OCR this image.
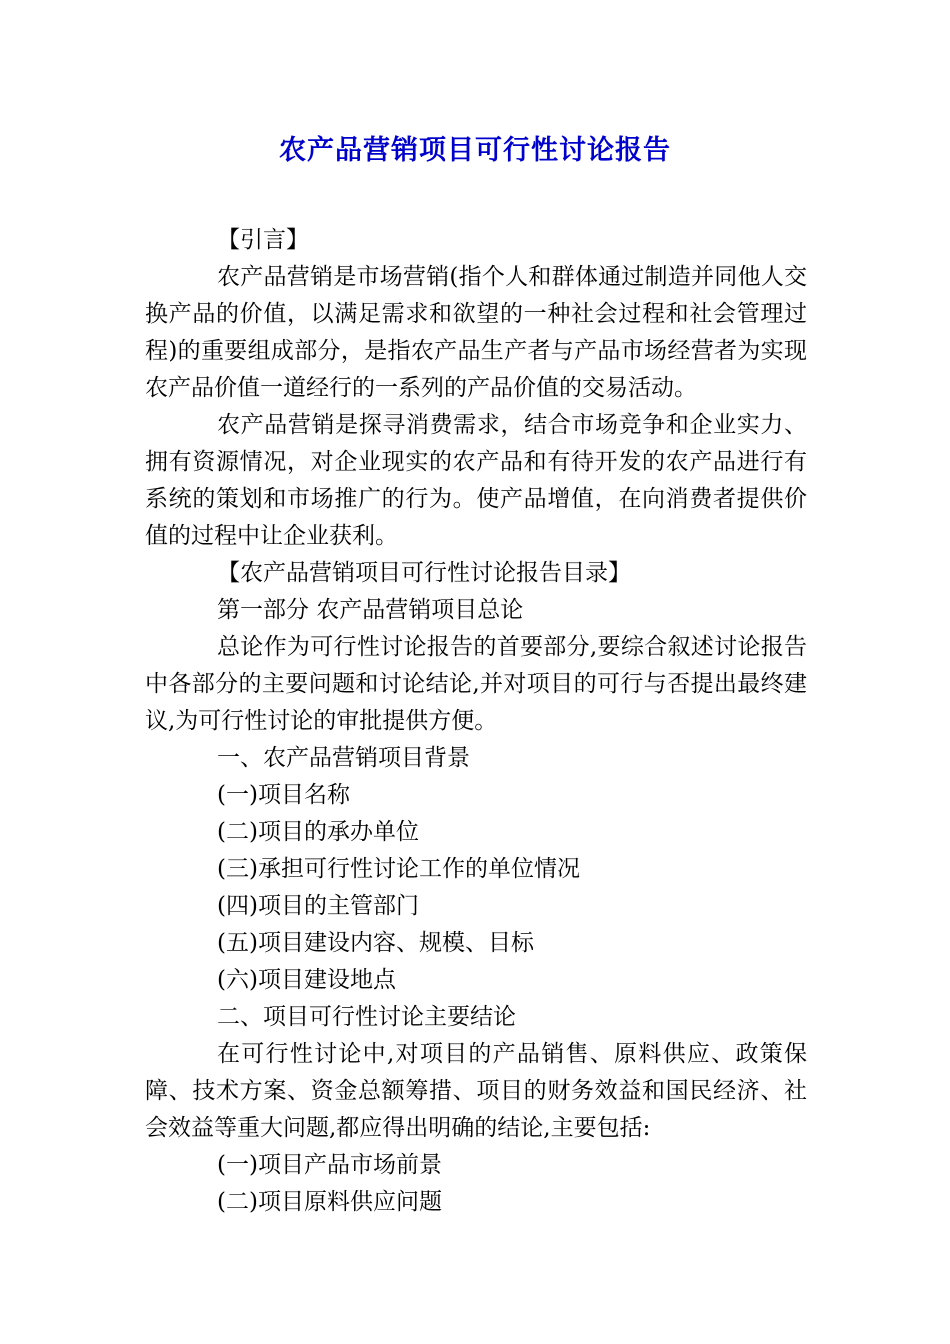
农产品营销项目可行性讨论报告

【引言】

农产品营销是市场营销(指个人和群体通过制造并同他人交换产品的价值，以满足需求和欲望的一种社会过程和社会管理过程)的重要组成部分，是指农产品生产者与产品市场经营者为实现农产品价值一道经行的一系列的产品价值的交易活动。

农产品营销是探寻消费需求，结合市场竞争和企业实力、拥有资源情况，对企业现实的农产品和有待开发的农产品进行有系统的策划和市场推广的行为。使产品增值，在向消费者提供价值的过程中让企业获利。

【农产品营销项目可行性讨论报告目录】

第一部分 农产品营销项目总论

总论作为可行性讨论报告的首要部分,要综合叙述讨论报告中各部分的主要问题和讨论结论,并对项目的可行与否提出最终建议,为可行性讨论的审批提供方便。

一、农产品营销项目背景

(一)项目名称

(二)项目的承办单位

(三)承担可行性讨论工作的单位情况

(四)项目的主管部门

(五)项目建设内容、规模、目标

(六)项目建设地点

二、项目可行性讨论主要结论

在可行性讨论中,对项目的产品销售、原料供应、政策保障、技术方案、资金总额筹措、项目的财务效益和国民经济、社会效益等重大问题,都应得出明确的结论,主要包括:

(一)项目产品市场前景

(二)项目原料供应问题
